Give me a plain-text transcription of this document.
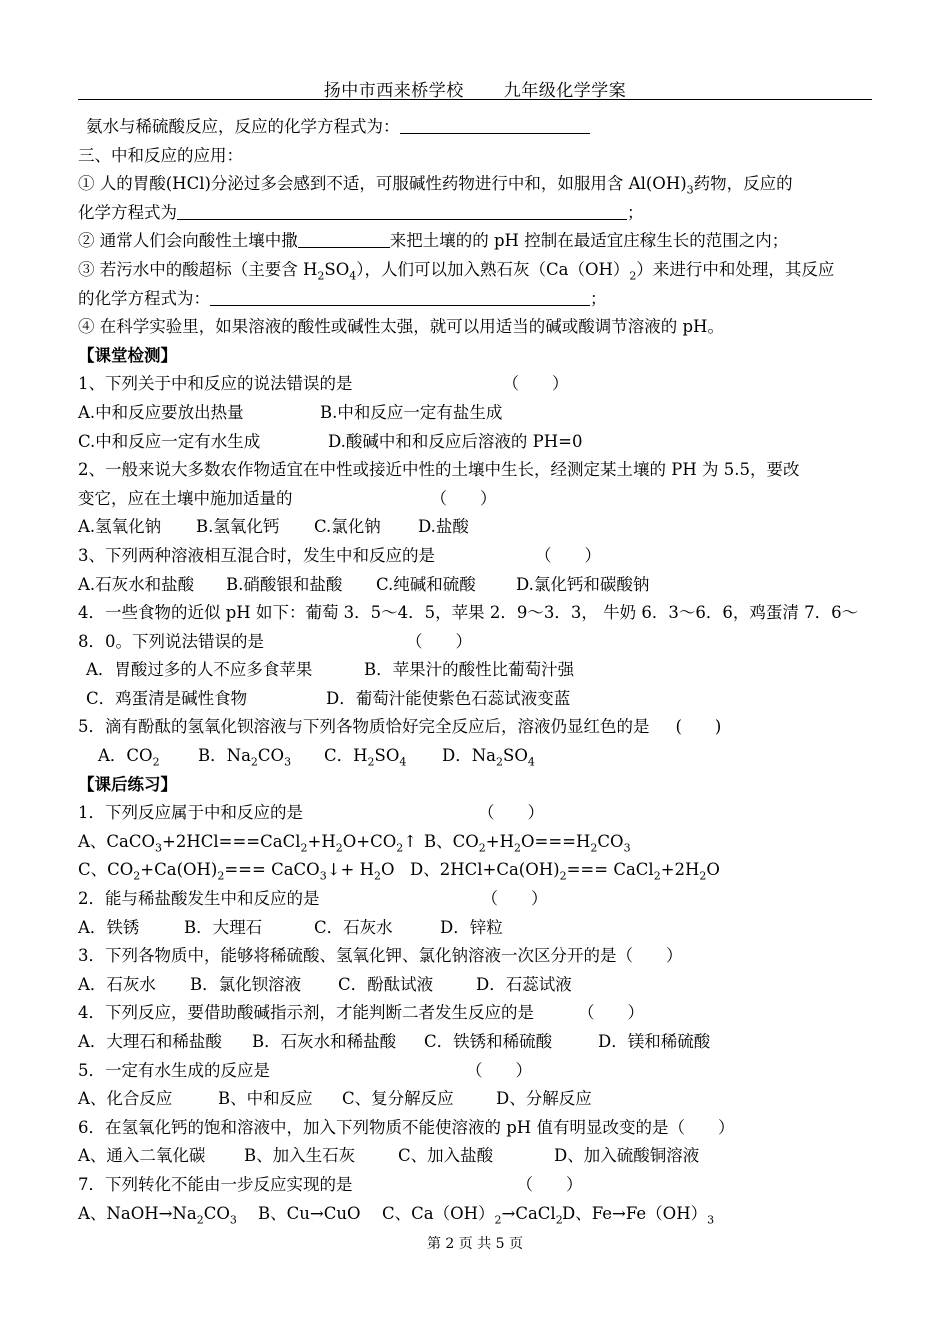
扬中市西来桥学校 九年级化学学案
氨水与稀硫酸反应，反应的化学方程式为：
三、中和反应的应用：
① 人的胃酸(HCl)分泌过多会感到不适，可服碱性药物进行中和，如服用含 $Al(OH)_3$药物，反应的
化学方程式为	；
② 通常人们会向酸性土壤中撒	来把土壤的的 pH 控制在最适宜庄稼生长的范围之内；
③ 若污水中的酸超标（主要含 $H_2SO_4$），人们可以加入熟石灰$(Ca(OH)_2)$来进行中和处理，其反应
的化学方程式为：	；
④ 在科学实验里，如果溶液的酸性或碱性太强，就可以用适当的碱或酸调节溶液的 pH。
【课堂检测】
1、下列关于中和反应的说法错误的是	（　　）
A.中和反应要放出热量	B.中和反应一定有盐生成
C.中和反应一定有水生成	D.酸碱中和和反应后溶液的 PH=0
2、一般来说大多数农作物适宜在中性或接近中性的土壤中生长，经测定某土壤的 PH 为 5.5，要改
变它，应在土壤中施加适量的	（　　）
A.氢氧化钠 B.氢氧化钙 C.氯化钠 D.盐酸
3、下列两种溶液相互混合时，发生中和反应的是	（　　）
A.石灰水和盐酸 B.硝酸银和盐酸 C.纯碱和硫酸 D.氯化钙和碳酸钠
4．一些食物的近似 pH 如下：葡萄 3．5～4．5，苹果 2．9～3．3， 牛奶 6．3～6．6，鸡蛋清 7．6～
8．0。下列说法错误的是	（　　）
A．胃酸过多的人不应多食苹果	B．苹果汁的酸性比葡萄汁强
C．鸡蛋清是碱性食物	D．葡萄汁能使紫色石蕊试液变蓝
5．滴有酚酞的氢氧化钡溶液与下列各物质恰好完全反应后，溶液仍显红色的是 (　　)
A．$CO_2$ B．$Na_2CO_3$ C．$H_2SO_4$ D．$Na_2SO_4$
【课后练习】
1．下列反应属于中和反应的是	（　　）
A、$CaCO_3+2HCl===CaCl_2+H_2O+CO_2↑$ B、$CO_2+H_2O===H_2CO_3$
C、$CO_2+Ca(OH)_2===$ CaCO$_3$↓+ $H_2O$ D、$2HCl+Ca(OH)_2===$ $CaCl_2+2H_2O$
2．能与稀盐酸发生中和反应的是	（　　）
A．铁锈	B．大理石	C．石灰水	D．锌粒
3．下列各物质中，能够将稀硫酸、氢氧化钾、氯化钠溶液一次区分开的是（　　）
A．石灰水 B．氯化钡溶液 C．酚酞试液	D．石蕊试液
4．下列反应，要借助酸碱指示剂，才能判断二者发生反应的是	（　　）
A．大理石和稀盐酸 B．石灰水和稀盐酸 C．铁锈和稀硫酸	D．镁和稀硫酸
5．一定有水生成的反应是	（　　）
A、化合反应	B、中和反应 C、复分解反应	D、分解反应
6．在氢氧化钙的饱和溶液中，加入下列物质不能使溶液的 pH 值有明显改变的是（　　）
A、通入二氧化碳 B、加入生石灰	C、加入盐酸	D、加入硫酸铜溶液
7．下列转化不能由一步反应实现的是	（　　）
A、$NaOH\to Na_2CO_3$ B、Cu→CuO C、$Ca(OH)_2\to CaCl_2D$、$Fe\to Fe(OH)_3$
第 2 页 共 5 页
